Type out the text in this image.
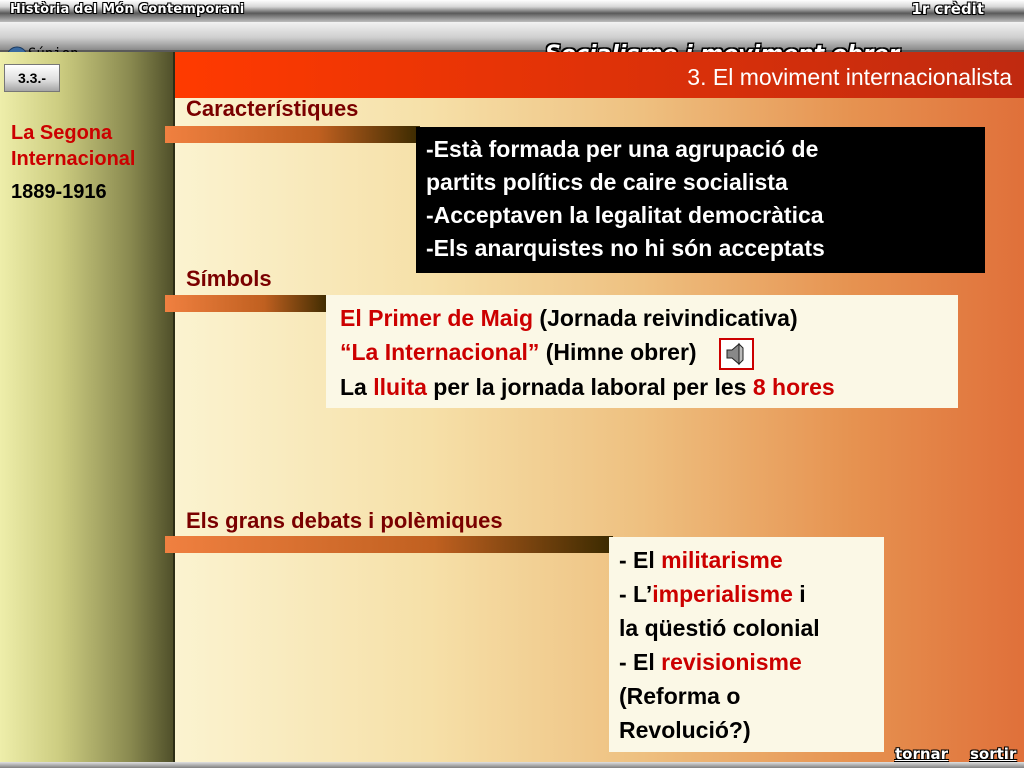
Història del Món Contemporani	1r crèdit
3.3.-
La Segona
Internacional
1889-1916
3. El moviment internacionalista
Característiques
-Està formada per una agrupació de
partits polítics de caire socialista
-Acceptaven la legalitat democràtica
-Els anarquistes no hi són acceptats
Símbols
El Primer de Maig (Jornada reivindicativa)
“La Internacional” (Himne obrer)
La lluita per la jornada laboral per les 8 hores
Els grans debats i polèmiques
- El militarisme
- L’imperialisme i
la qüestió colonial
- El revisionisme
(Reforma o
Revolució?)
tornar sortir
